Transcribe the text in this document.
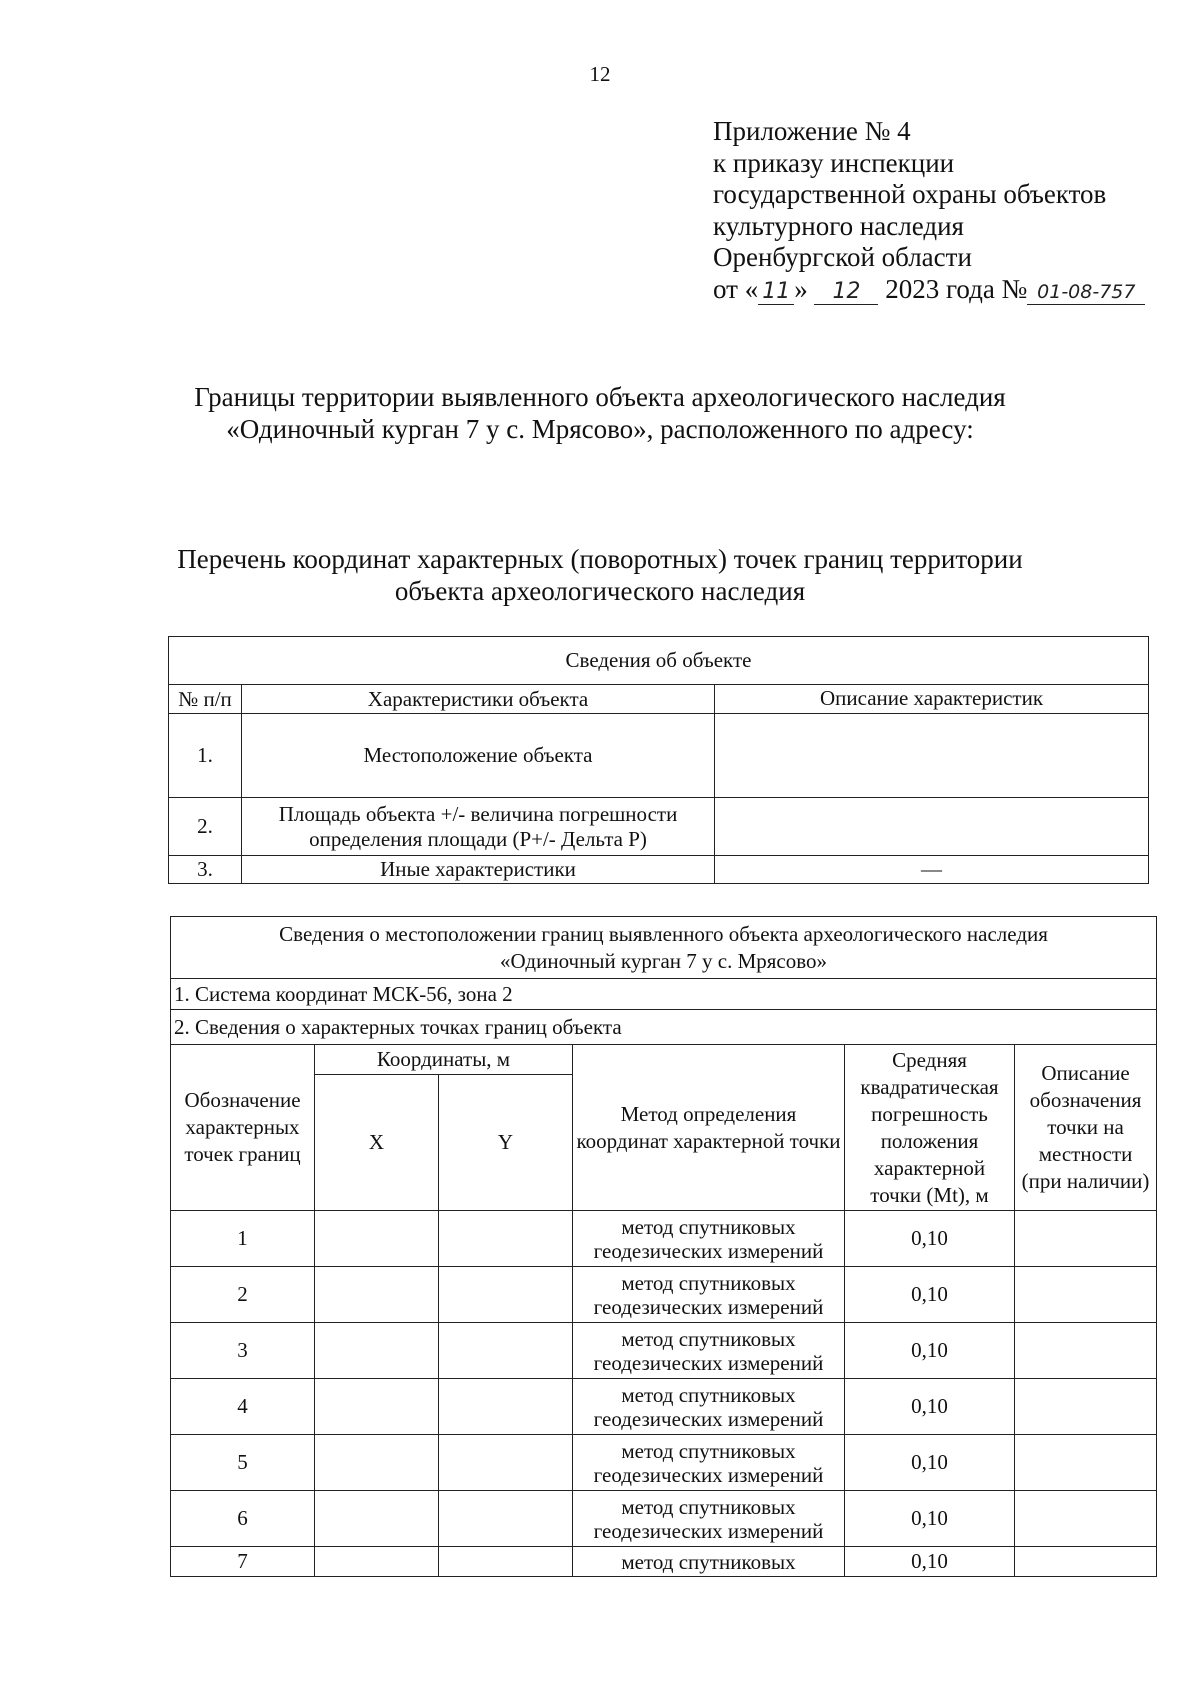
12
Приложение № 4
к приказу инспекции
государственной охраны объектов
культурного наследия
Оренбургской области
от « 11 » 12 2023 года № 01-08-757
Границы территории выявленного объекта археологического наследия
«Одиночный курган 7 у с. Мрясово», расположенного по адресу:
Перечень координат характерных (поворотных) точек границ территории
объекта археологического наследия
Сведения об объекте		
№ п/п	Характеристики объекта	Описание характеристик
1.	Местоположение объекта	
2.	Площадь объекта +/- величина погрешности определения площади (P+/- Дельта P)	
3.	Иные характеристики	—
Сведения о местоположении границ выявленного объекта археологического наследия
«Одиночный курган 7 у с. Мрясово»					

1. Система координат МСК-56, зона 2					
2. Сведения о характерных точках границ объекта					
Обозначение характерных точек границ	Координаты, м		Метод определения координат характерной точки	Средняя квадратическая погрешность положения характерной точки (Mt), м	Описание обозначения точки на местности (при наличии)
	X	Y			
1			метод спутниковых геодезических измерений	0,10	
2			метод спутниковых геодезических измерений	0,10	
3			метод спутниковых геодезических измерений	0,10	
4			метод спутниковых геодезических измерений	0,10	
5			метод спутниковых геодезических измерений	0,10	
6			метод спутниковых геодезических измерений	0,10	
7			метод спутниковых	0,10	
